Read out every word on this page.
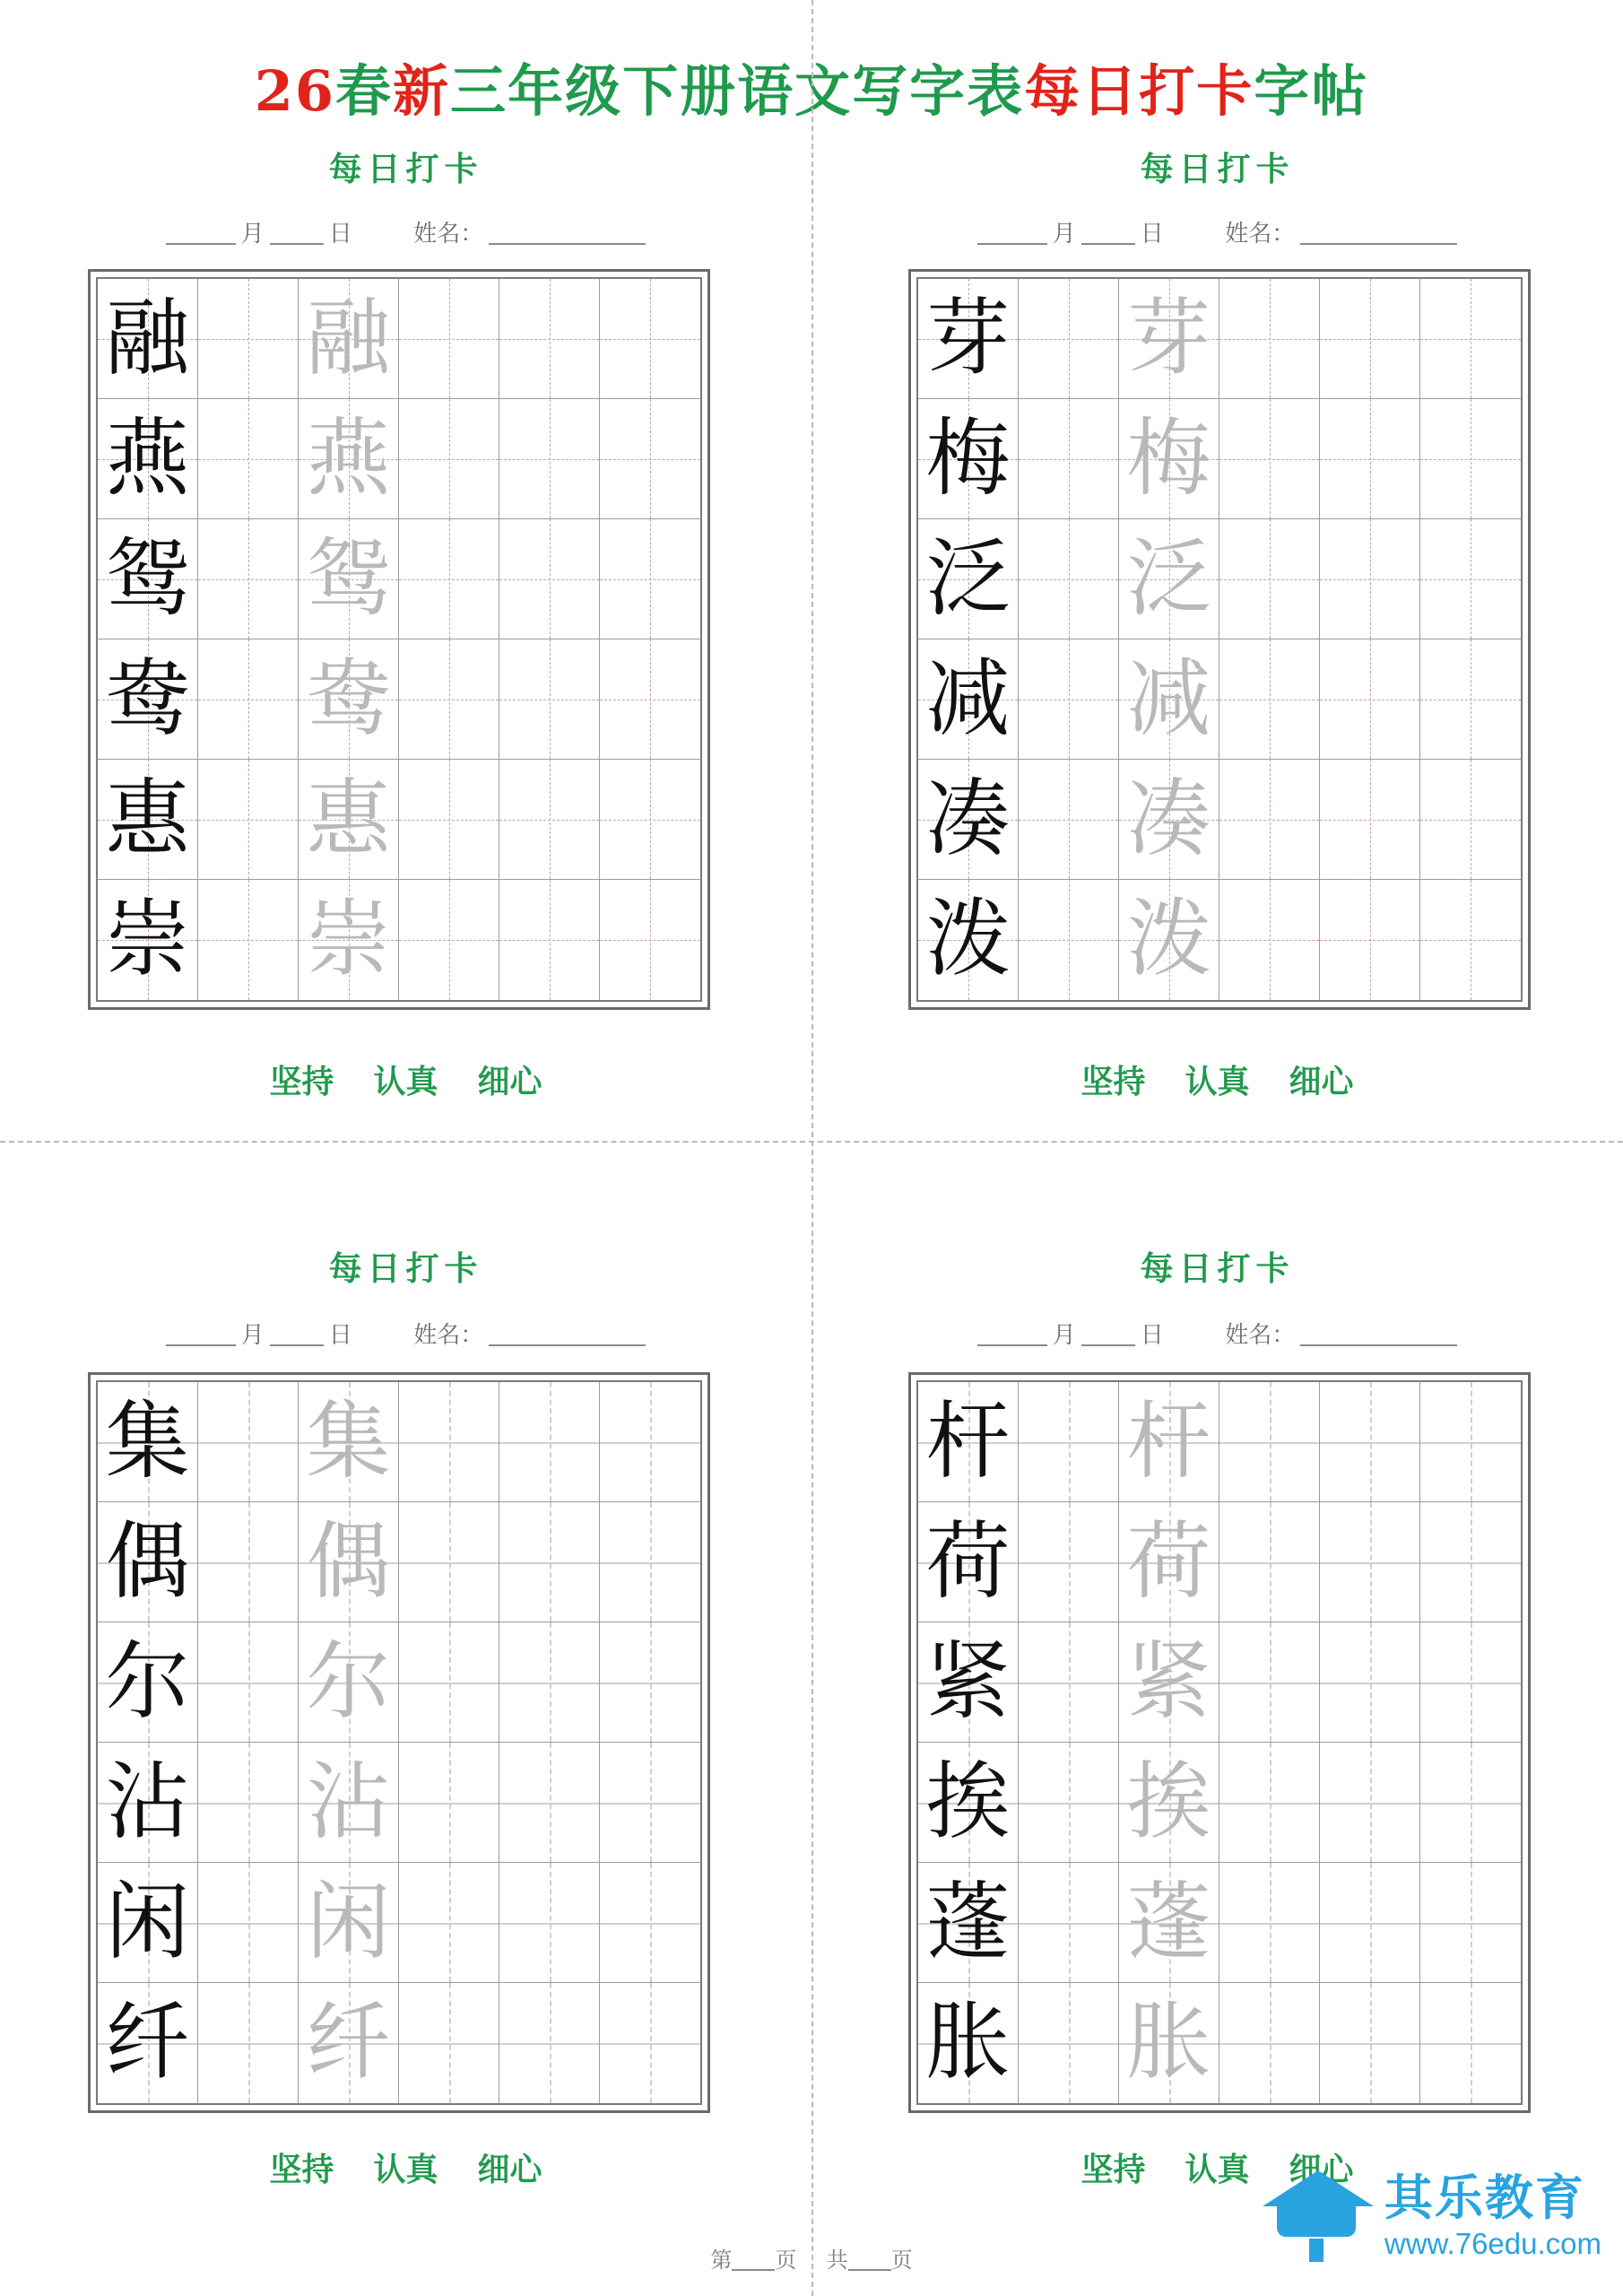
26春新三年级下册语文写字表每日打卡字帖
每日打卡
月	日	姓名：
融 融
燕 燕
鸳 鸳
鸯 鸯
惠 惠
崇 崇
坚持 认真 细心
每日打卡
月	日	姓名：
芽 芽
梅 梅
泛 泛
减 减
凑 凑
泼 泼
坚持 认真 细心
每日打卡
月	日	姓名：
集 集
偶 偶
尔 尔
沾 沾
闲 闲
纤 纤
坚持 认真 细心
每日打卡
月	日	姓名：
杆 杆
荷 荷
紧 紧
挨 挨
蓬 蓬
胀 胀
坚持 认真 细心
第 页 共 页
其乐教育
www.76edu.com
